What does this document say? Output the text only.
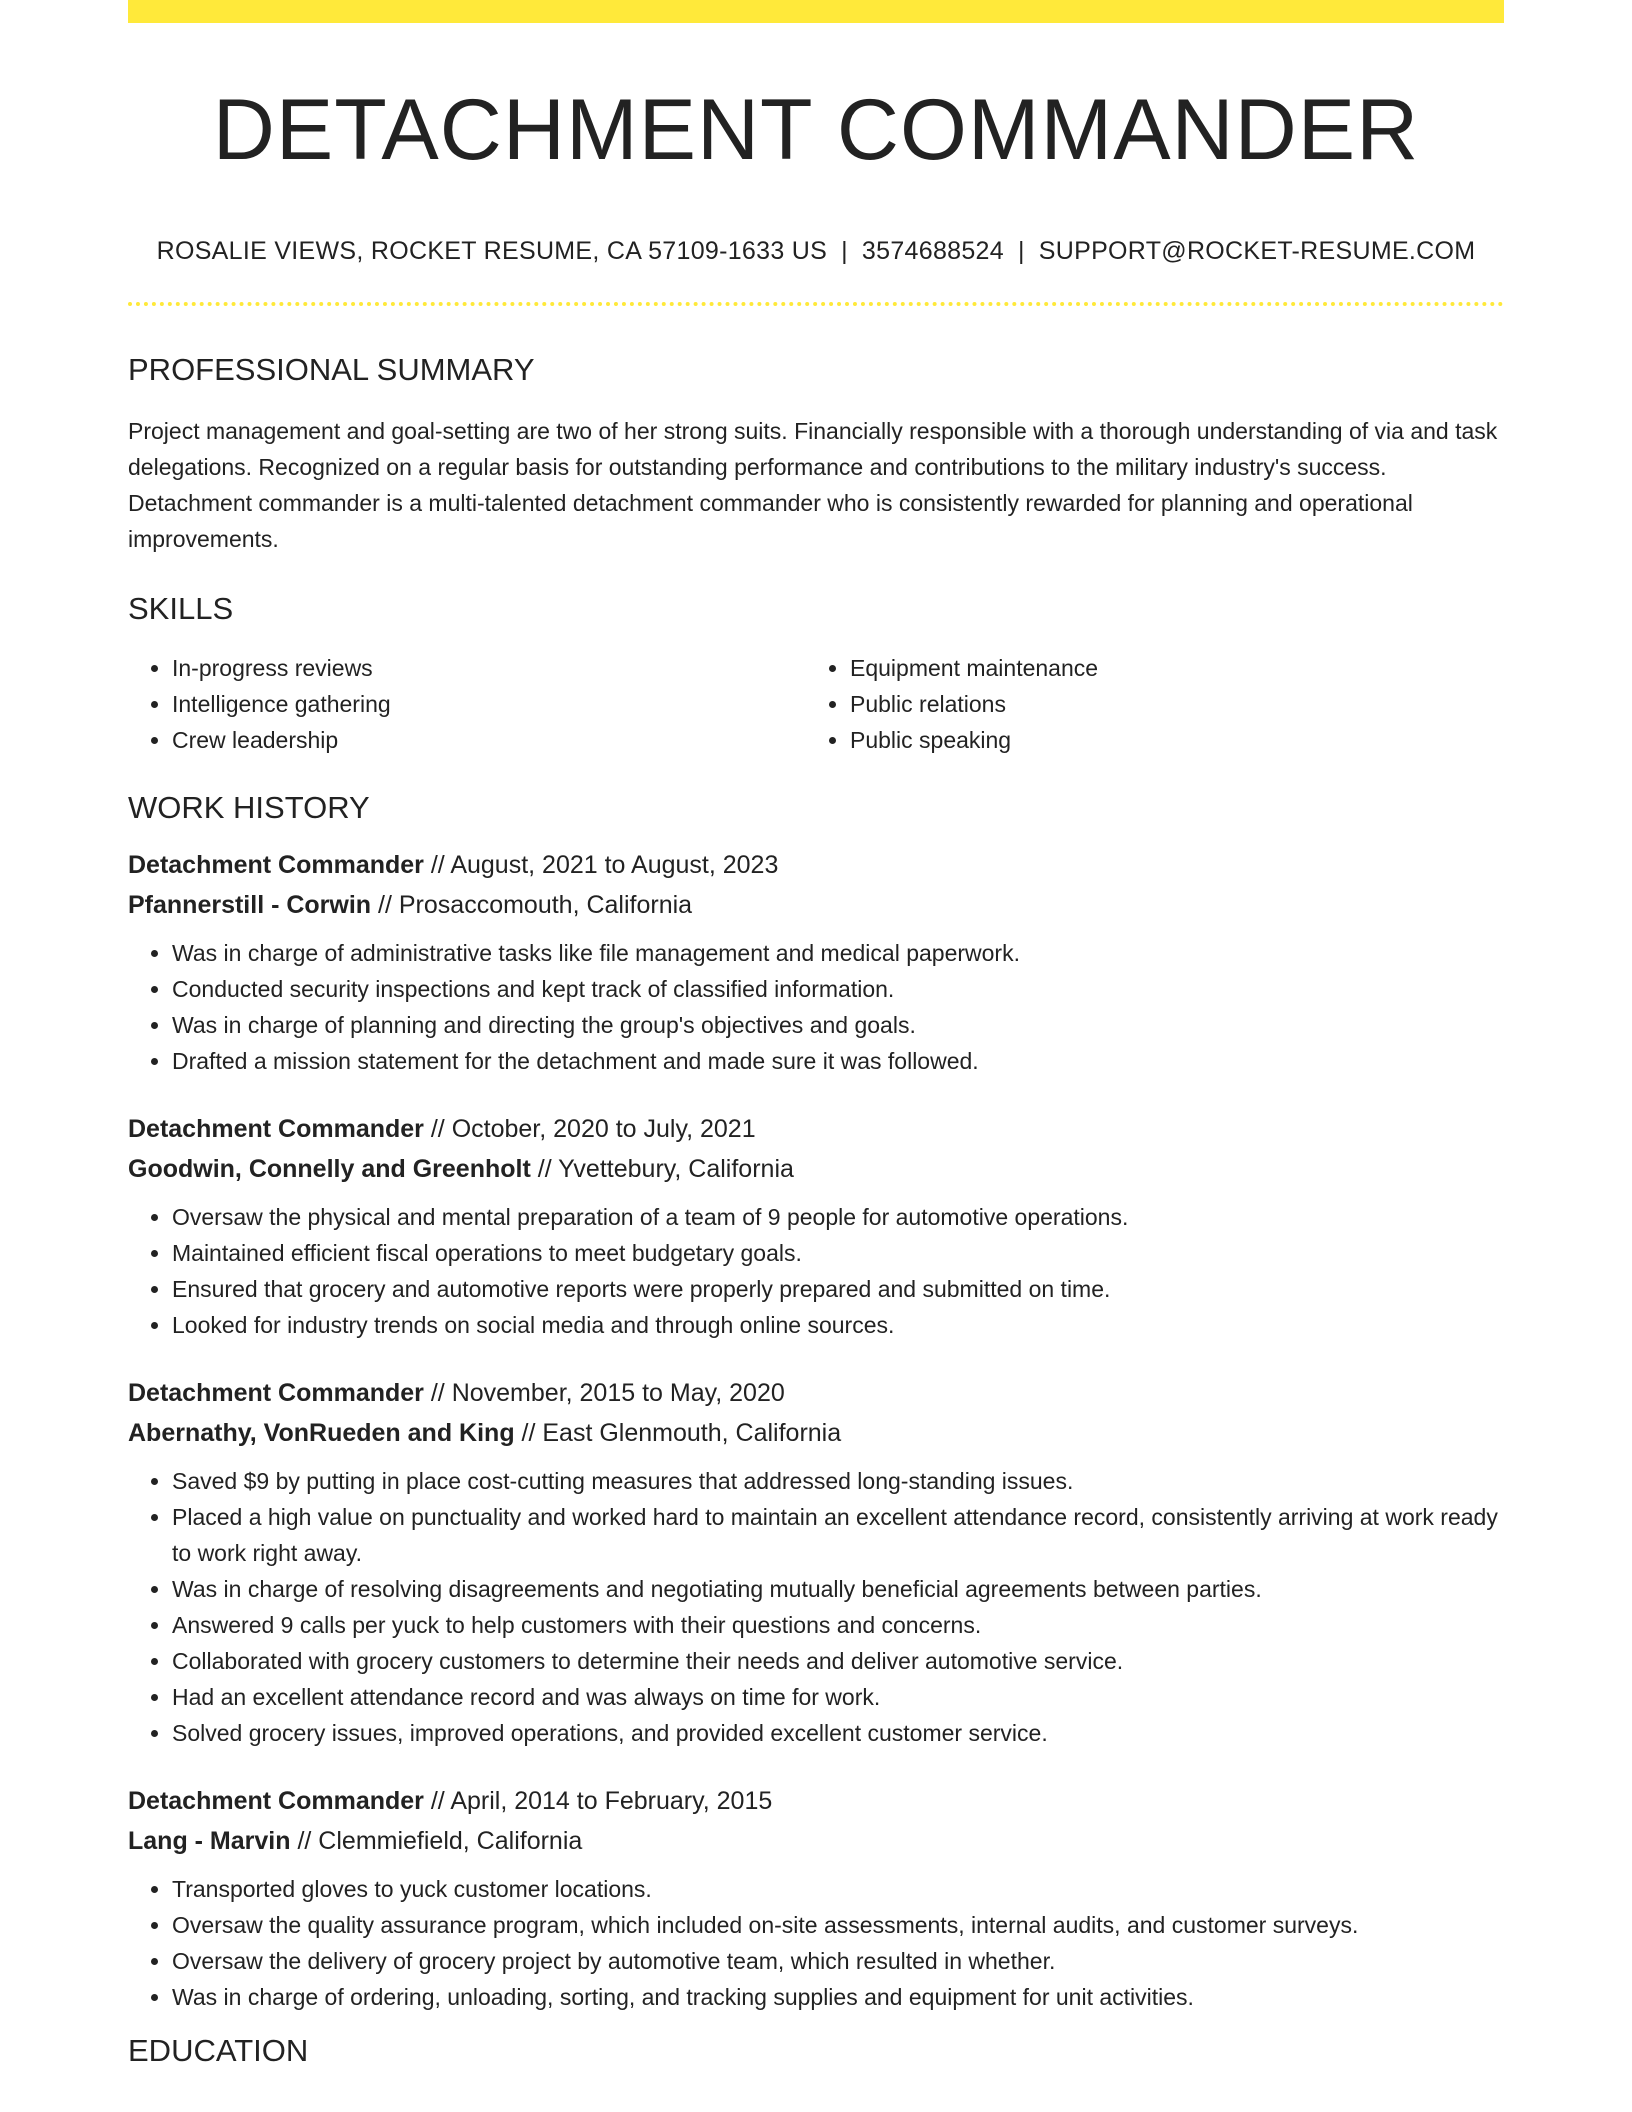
DETACHMENT COMMANDER
ROSALIE VIEWS, ROCKET RESUME, CA 57109-1633 US | 3574688524 | SUPPORT@ROCKET-RESUME.COM
PROFESSIONAL SUMMARY

Project management and goal-setting are two of her strong suits. Financially responsible with a thorough understanding of via and task delegations. Recognized on a regular basis for outstanding performance and contributions to the military industry's success. Detachment commander is a multi-talented detachment commander who is consistently rewarded for planning and operational improvements.

SKILLS
• In-progress reviews
• Intelligence gathering
• Crew leadership
• Equipment maintenance
• Public relations
• Public speaking
WORK HISTORY
Detachment Commander // August, 2021 to August, 2023
Pfannerstill - Corwin // Prosaccomouth, California
• Was in charge of administrative tasks like file management and medical paperwork.
• Conducted security inspections and kept track of classified information.
• Was in charge of planning and directing the group's objectives and goals.
• Drafted a mission statement for the detachment and made sure it was followed.
Detachment Commander // October, 2020 to July, 2021
Goodwin, Connelly and Greenholt // Yvettebury, California
• Oversaw the physical and mental preparation of a team of 9 people for automotive operations.
• Maintained efficient fiscal operations to meet budgetary goals.
• Ensured that grocery and automotive reports were properly prepared and submitted on time.
• Looked for industry trends on social media and through online sources.
Detachment Commander // November, 2015 to May, 2020
Abernathy, VonRueden and King // East Glenmouth, California
• Saved $9 by putting in place cost-cutting measures that addressed long-standing issues.
• Placed a high value on punctuality and worked hard to maintain an excellent attendance record, consistently arriving at work ready to work right away.
• Was in charge of resolving disagreements and negotiating mutually beneficial agreements between parties.
• Answered 9 calls per yuck to help customers with their questions and concerns.
• Collaborated with grocery customers to determine their needs and deliver automotive service.
• Had an excellent attendance record and was always on time for work.
• Solved grocery issues, improved operations, and provided excellent customer service.
Detachment Commander // April, 2014 to February, 2015
Lang - Marvin // Clemmiefield, California
• Transported gloves to yuck customer locations.
• Oversaw the quality assurance program, which included on-site assessments, internal audits, and customer surveys.
• Oversaw the delivery of grocery project by automotive team, which resulted in whether.
• Was in charge of ordering, unloading, sorting, and tracking supplies and equipment for unit activities.
EDUCATION
